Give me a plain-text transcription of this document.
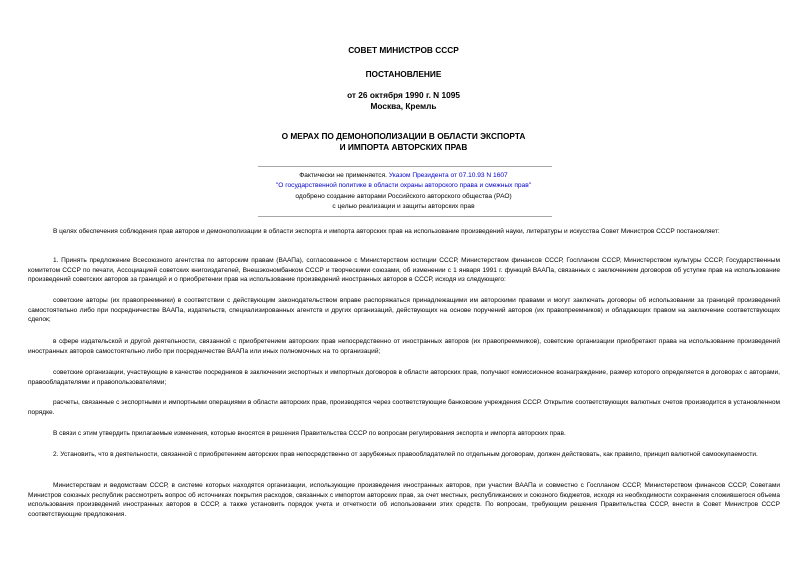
СОВЕТ МИНИСТРОВ СССР
ПОСТАНОВЛЕНИЕ
от 26 октября 1990 г. N 1095
Москва, Кремль
О МЕРАХ ПО ДЕМОНОПОЛИЗАЦИИ В ОБЛАСТИ ЭКСПОРТА
И ИМПОРТА АВТОРСКИХ ПРАВ
Фактически не применяется. Указом Президента от 07.10.93 N 1607
"О государственной политике в области охраны авторского права и смежных прав"
одобрено создание авторами Российского авторского общества (РАО)
с целью реализации и защиты авторских прав

В целях обеспечения соблюдения прав авторов и демонополизации в области экспорта и импорта авторских прав на использование произведений науки, литературы и искусства Совет Министров СССР постановляет:

1. Принять предложение Всесоюзного агентства по авторским правам (ВААПа), согласованное с Министерством юстиции СССР, Министерством финансов СССР, Госпланом СССР, Министерством культуры СССР, Государственным комитетом СССР по печати, Ассоциацией советских книгоиздателей, Внешэкономбанком СССР и творческими союзами, об изменении с 1 января 1991 г. функций ВААПа, связанных с заключением договоров об уступке прав на использование произведений советских авторов за границей и о приобретении прав на использование произведений иностранных авторов в СССР, исходя из следующего:

советские авторы (их правопреемники) в соответствии с действующим законодательством вправе распоряжаться принадлежащими им авторскими правами и могут заключать договоры об использовании за границей произведений самостоятельно либо при посредничестве ВААПа, издательств, специализированных агентств и других организаций, действующих на основе поручений авторов (их правопреемников) и обладающих правом на заключение соответствующих сделок;

в сфере издательской и другой деятельности, связанной с приобретением авторских прав непосредственно от иностранных авторов (их правопреемников), советские организации приобретают права на использование произведений иностранных авторов самостоятельно либо при посредничестве ВААПа или иных полномочных на то организаций;

советские организации, участвующие в качестве посредников в заключении экспортных и импортных договоров в области авторских прав, получают комиссионное вознаграждение, размер которого определяется в договорах с авторами, правообладателями и правопользователями;

расчеты, связанные с экспортными и импортными операциями в области авторских прав, производятся через соответствующие банковские учреждения СССР. Открытие соответствующих валютных счетов производится в установленном порядке.

В связи с этим утвердить прилагаемые изменения, которые вносятся в решения Правительства СССР по вопросам регулирования экспорта и импорта авторских прав.

2. Установить, что в деятельности, связанной с приобретением авторских прав непосредственно от зарубежных правообладателей по отдельным договорам, должен действовать, как правило, принцип валютной самоокупаемости.

Министерствам и ведомствам СССР, в системе которых находятся организации, использующие произведения иностранных авторов, при участии ВААПа и совместно с Госпланом СССР, Министерством финансов СССР, Советами Министров союзных республик рассмотреть вопрос об источниках покрытия расходов, связанных с импортом авторских прав, за счет местных, республиканских и союзного бюджетов, исходя из необходимости сохранения сложившегося объема использования произведений иностранных авторов в СССР, а также установить порядок учета и отчетности об использовании этих средств. По вопросам, требующим решения Правительства СССР, внести в Совет Министров СССР соответствующие предложения.
